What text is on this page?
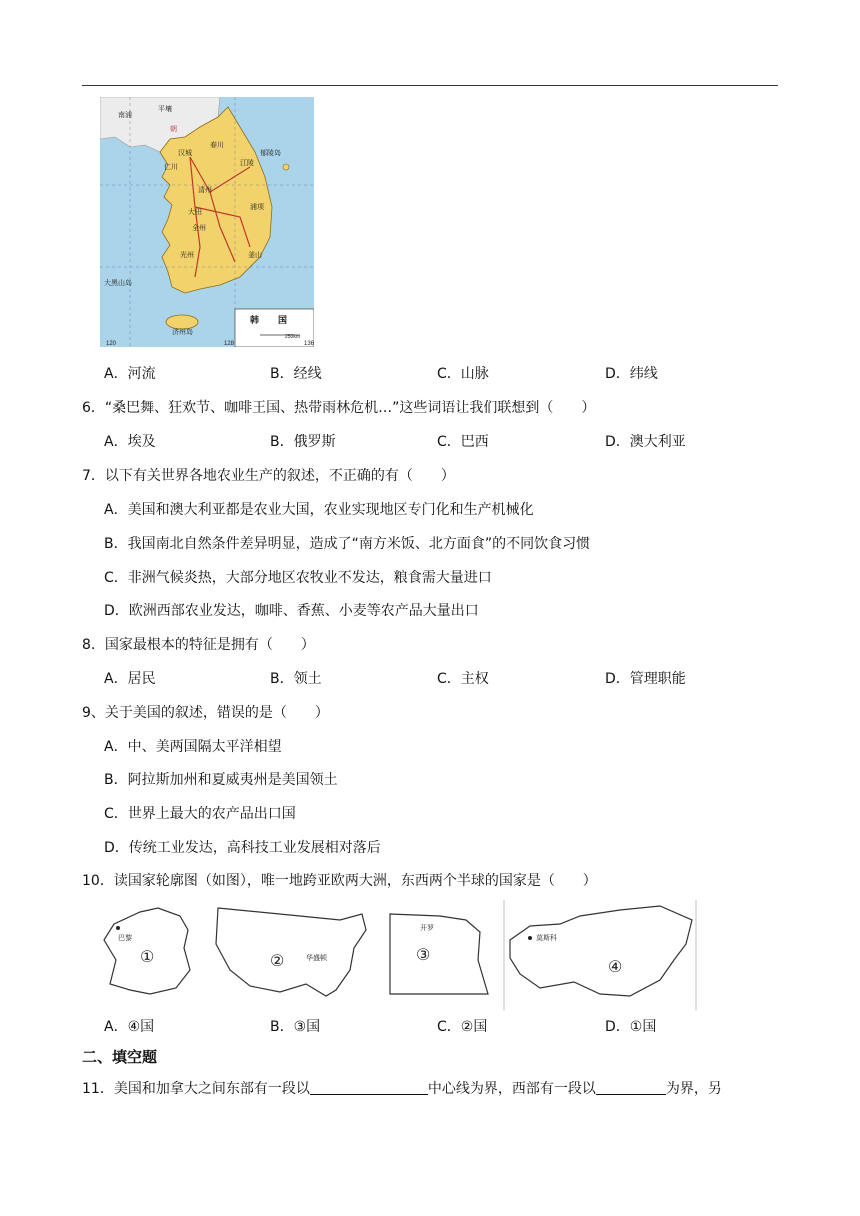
平壤
南浦
朝
汉城	郁陵岛
春川
江陵
清州
大田
全州
光州	釜山
大黑山岛
济州岛
韩 国
120	128	136
250km
浦项
仁川
A．河流	B．经线	C．山脉	D．纬线
6．“桑巴舞、狂欢节、咖啡王国、热带雨林危机…”这些词语让我们联想到（　　）
A．埃及	B．俄罗斯	C．巴西	D．澳大利亚
7．以下有关世界各地农业生产的叙述，不正确的有（　　）
A．美国和澳大利亚都是农业大国，农业实现地区专门化和生产机械化
B．我国南北自然条件差异明显，造成了“南方米饭、北方面食”的不同饮食习惯
C．非洲气候炎热，大部分地区农牧业不发达，粮食需大量进口
D．欧洲西部农业发达，咖啡、香蕉、小麦等农产品大量出口
8．国家最根本的特征是拥有（　　）
A．居民	B．领土	C．主权	D．管理职能
9、关于美国的叙述，错误的是（　　）
A．中、美两国隔太平洋相望
B．阿拉斯加州和夏威夷州是美国领土
C．世界上最大的农产品出口国
D．传统工业发达，高科技工业发展相对落后
10．读国家轮廓图（如图），唯一地跨亚欧两大洲，东西两个半球的国家是（　　）
巴黎
①	华盛顿
②
开罗
③
莫斯科
④
A．④国	B．③国	C．②国	D．①国
二、填空题
11．美国和加拿大之间东部有一段以	中心线为界，西部有一段以	为界，另
